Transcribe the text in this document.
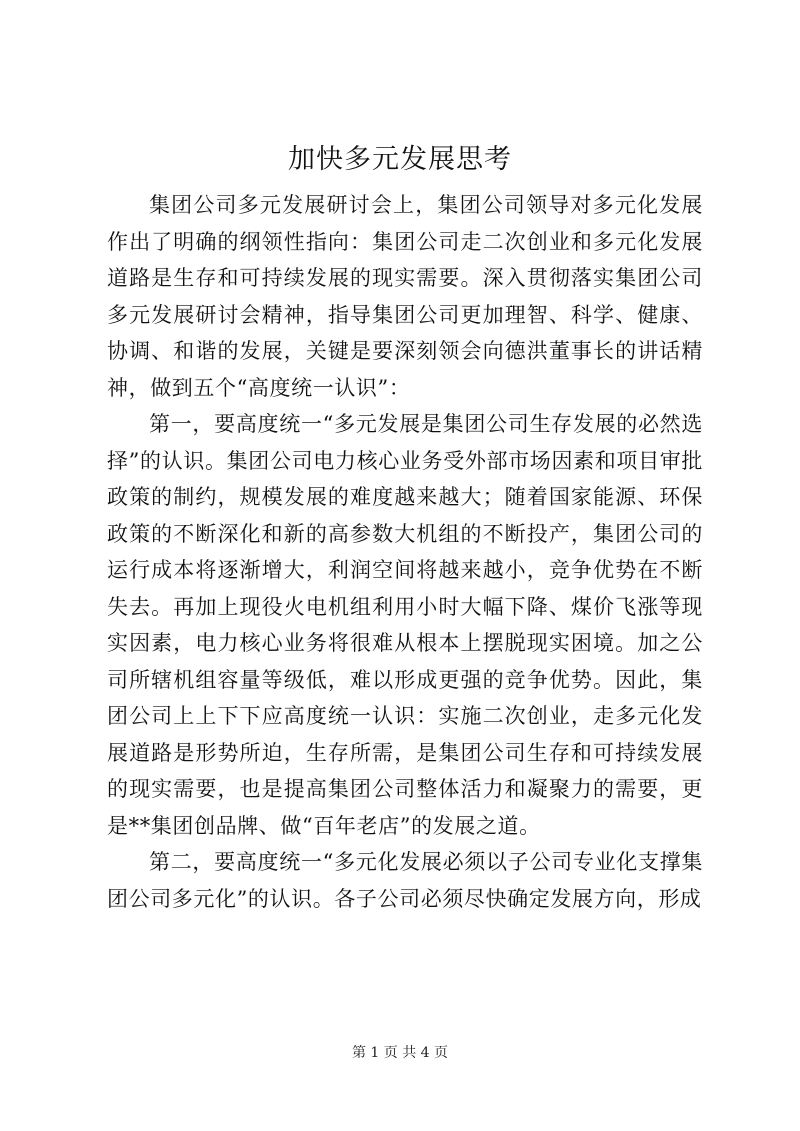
加快多元发展思考

集团公司多元发展研讨会上，集团公司领导对多元化发展作出了明确的纲领性指向：集团公司走二次创业和多元化发展道路是生存和可持续发展的现实需要。深入贯彻落实集团公司多元发展研讨会精神，指导集团公司更加理智、科学、健康、协调、和谐的发展，关键是要深刻领会向德洪董事长的讲话精神，做到五个“高度统一认识”：

第一，要高度统一“多元发展是集团公司生存发展的必然选择”的认识。集团公司电力核心业务受外部市场因素和项目审批政策的制约，规模发展的难度越来越大；随着国家能源、环保政策的不断深化和新的高参数大机组的不断投产，集团公司的运行成本将逐渐增大，利润空间将越来越小，竞争优势在不断失去。再加上现役火电机组利用小时大幅下降、煤价飞涨等现实因素，电力核心业务将很难从根本上摆脱现实困境。加之公司所辖机组容量等级低，难以形成更强的竞争优势。因此，集团公司上上下下应高度统一认识：实施二次创业，走多元化发展道路是形势所迫，生存所需，是集团公司生存和可持续发展的现实需要，也是提高集团公司整体活力和凝聚力的需要，更是**集团创品牌、做“百年老店”的发展之道。

第二，要高度统一“多元化发展必须以子公司专业化支撑集团公司多元化”的认识。各子公司必须尽快确定发展方向，形成

第 1 页 共 4 页
